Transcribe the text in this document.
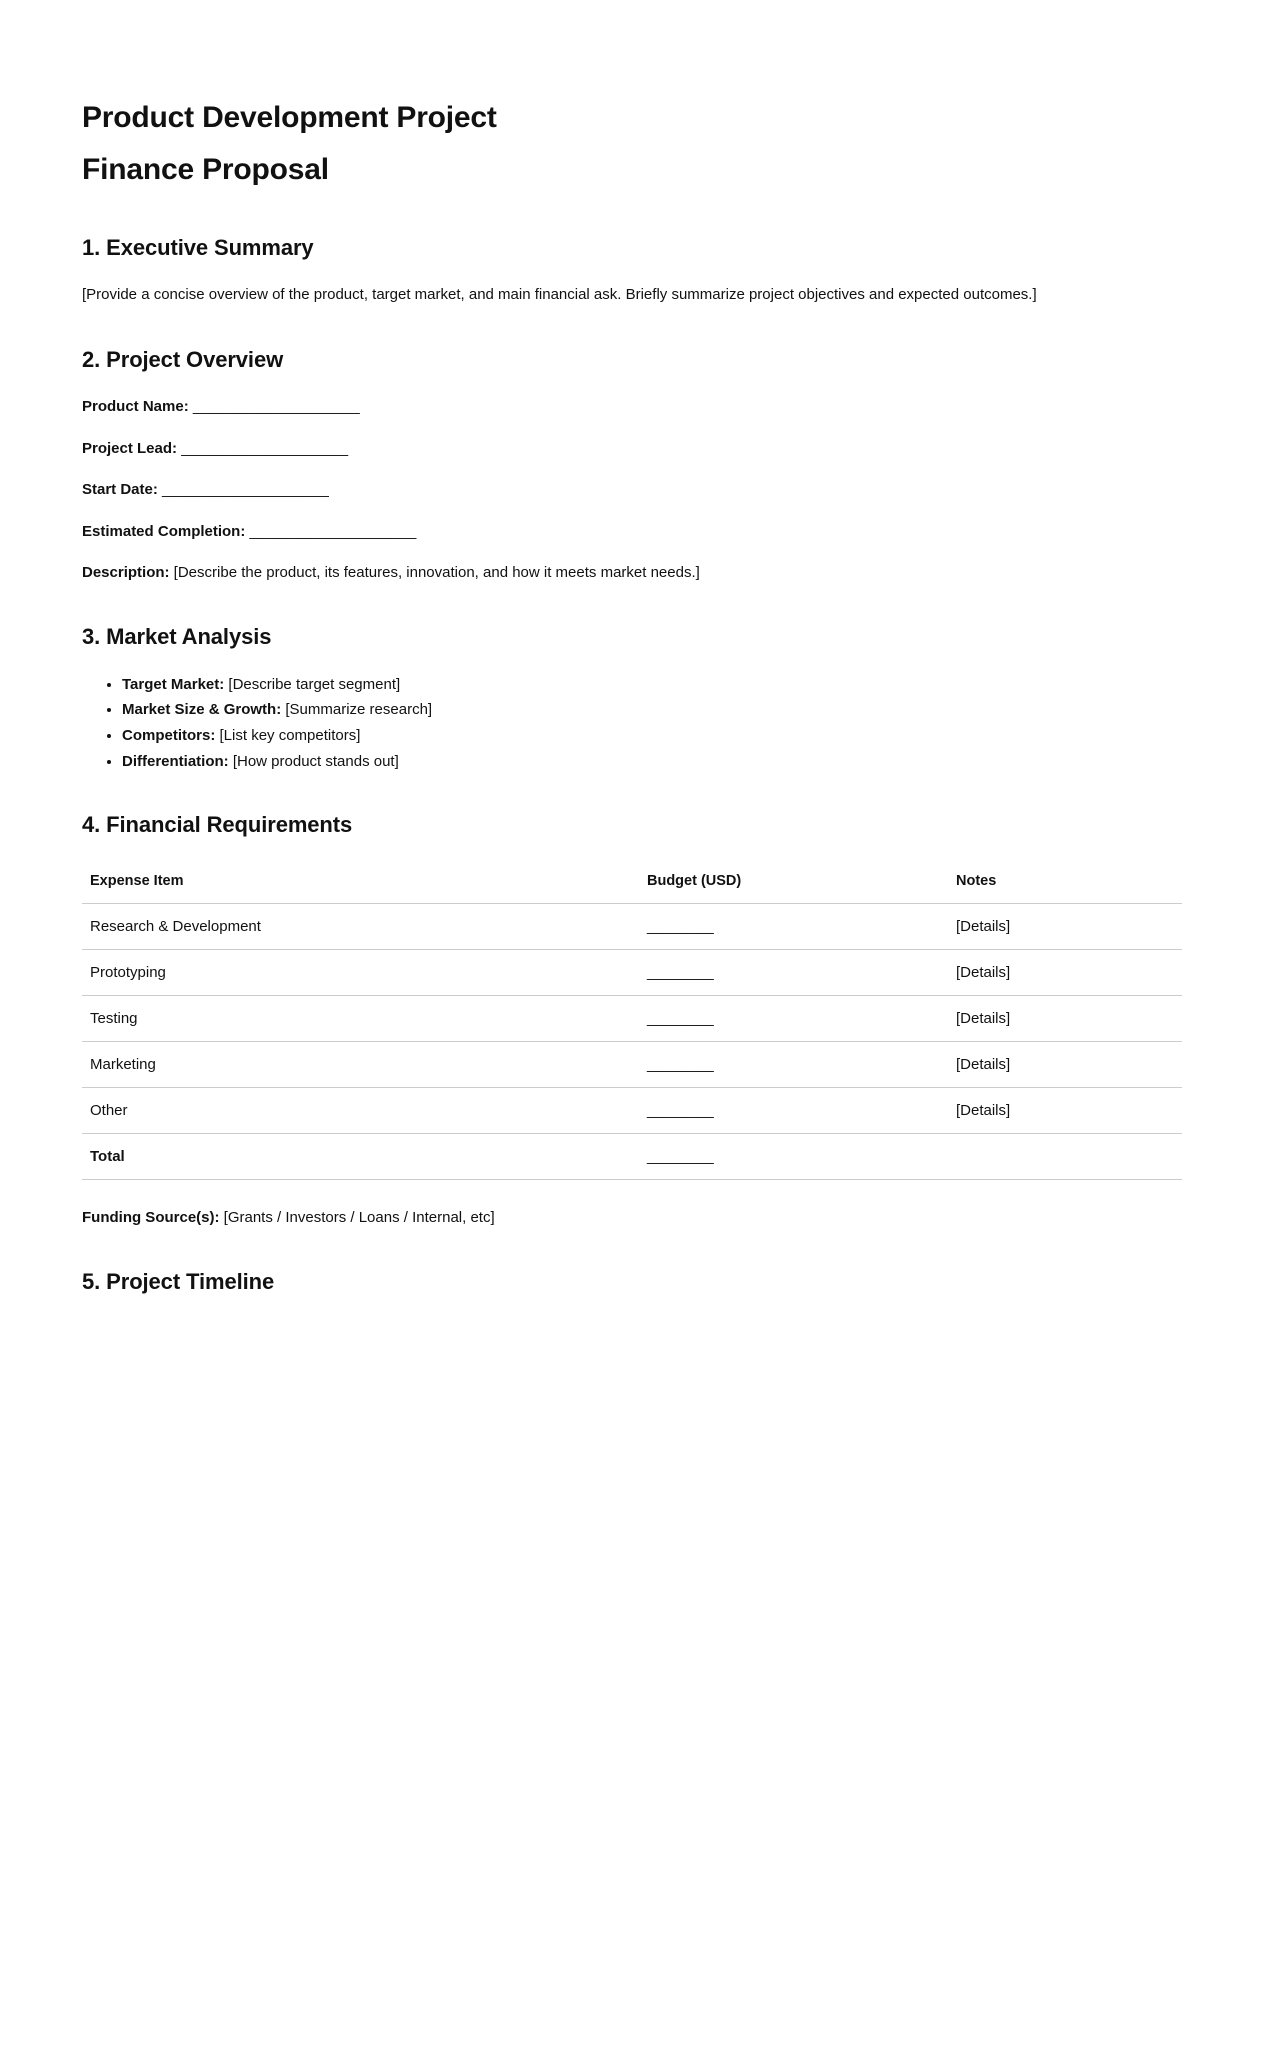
Product Development Project
Finance Proposal
1. Executive Summary

[Provide a concise overview of the product, target market, and main financial ask. Briefly summarize project objectives and expected outcomes.]

2. Project Overview

Product Name: ____________________

Project Lead: ____________________

Start Date: ____________________

Estimated Completion: ____________________

Description: [Describe the product, its features, innovation, and how it meets market needs.]

3. Market Analysis
• Target Market: [Describe target segment]
• Market Size & Growth: [Summarize research]
• Competitors: [List key competitors]
• Differentiation: [How product stands out]
4. Financial Requirements
Expense Item	Budget (USD)	Notes
Research & Development	________	[Details]
Prototyping	________	[Details]
Testing	________	[Details]
Marketing	________	[Details]
Other	________	[Details]
Total	________	

Funding Source(s): [Grants / Investors / Loans / Internal, etc]

5. Project Timeline
